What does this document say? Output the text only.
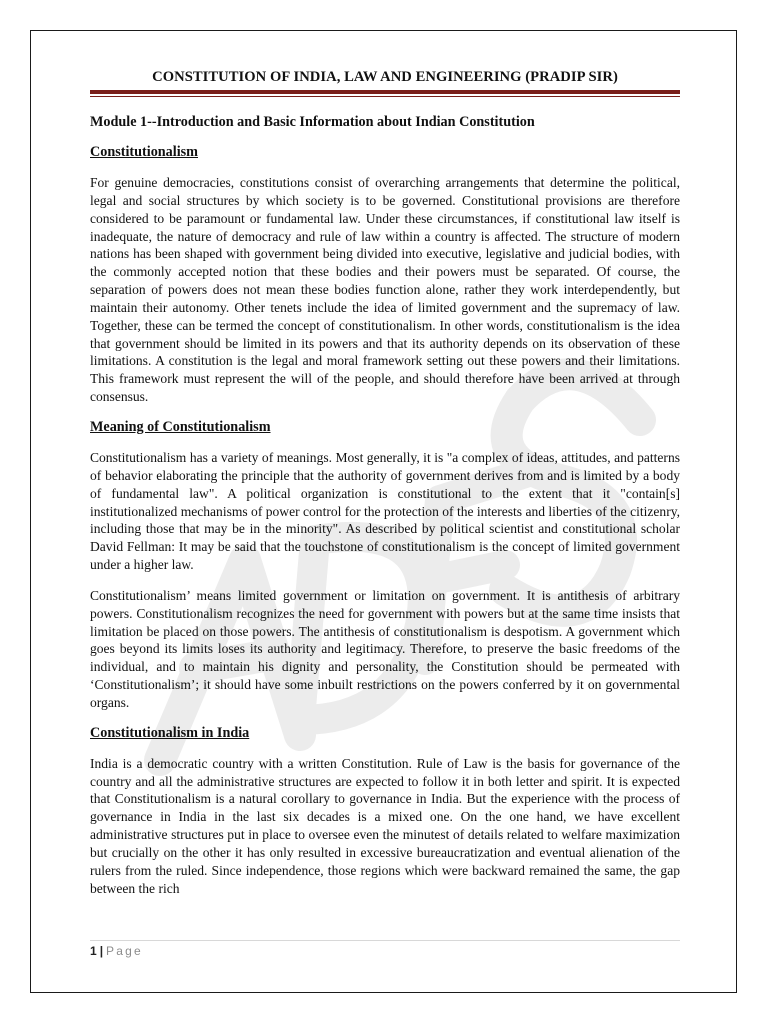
CONSTITUTION OF INDIA, LAW AND ENGINEERING (PRADIP SIR)
Module 1--Introduction and Basic Information about Indian Constitution
Constitutionalism

For genuine democracies, constitutions consist of overarching arrangements that determine the political, legal and social structures by which society is to be governed. Constitutional provisions are therefore considered to be paramount or fundamental law. Under these circumstances, if constitutional law itself is inadequate, the nature of democracy and rule of law within a country is affected. The structure of modern nations has been shaped with government being divided into executive, legislative and judicial bodies, with the commonly accepted notion that these bodies and their powers must be separated. Of course, the separation of powers does not mean these bodies function alone, rather they work interdependently, but maintain their autonomy. Other tenets include the idea of limited government and the supremacy of law. Together, these can be termed the concept of constitutionalism. In other words, constitutionalism is the idea that government should be limited in its powers and that its authority depends on its observation of these limitations. A constitution is the legal and moral framework setting out these powers and their limitations. This framework must represent the will of the people, and should therefore have been arrived at through consensus.

Meaning of Constitutionalism

Constitutionalism has a variety of meanings. Most generally, it is "a complex of ideas, attitudes, and patterns of behavior elaborating the principle that the authority of government derives from and is limited by a body of fundamental law". A political organization is constitutional to the extent that it "contain[s] institutionalized mechanisms of power control for the protection of the interests and liberties of the citizenry, including those that may be in the minority". As described by political scientist and constitutional scholar David Fellman: It may be said that the touchstone of constitutionalism is the concept of limited government under a higher law.

Constitutionalism’ means limited government or limitation on government. It is antithesis of arbitrary powers. Constitutionalism recognizes the need for government with powers but at the same time insists that limitation be placed on those powers. The antithesis of constitutionalism is despotism. A government which goes beyond its limits loses its authority and legitimacy. Therefore, to preserve the basic freedoms of the individual, and to maintain his dignity and personality, the Constitution should be permeated with ‘Constitutionalism’; it should have some inbuilt restrictions on the powers conferred by it on governmental organs.

Constitutionalism in India

India is a democratic country with a written Constitution. Rule of Law is the basis for governance of the country and all the administrative structures are expected to follow it in both letter and spirit. It is expected that Constitutionalism is a natural corollary to governance in India. But the experience with the process of governance in India in the last six decades is a mixed one. On the one hand, we have excellent administrative structures put in place to oversee even the minutest of details related to welfare maximization but crucially on the other it has only resulted in excessive bureaucratization and eventual alienation of the rulers from the ruled. Since independence, those regions which were backward remained the same, the gap between the rich

1 | Page
